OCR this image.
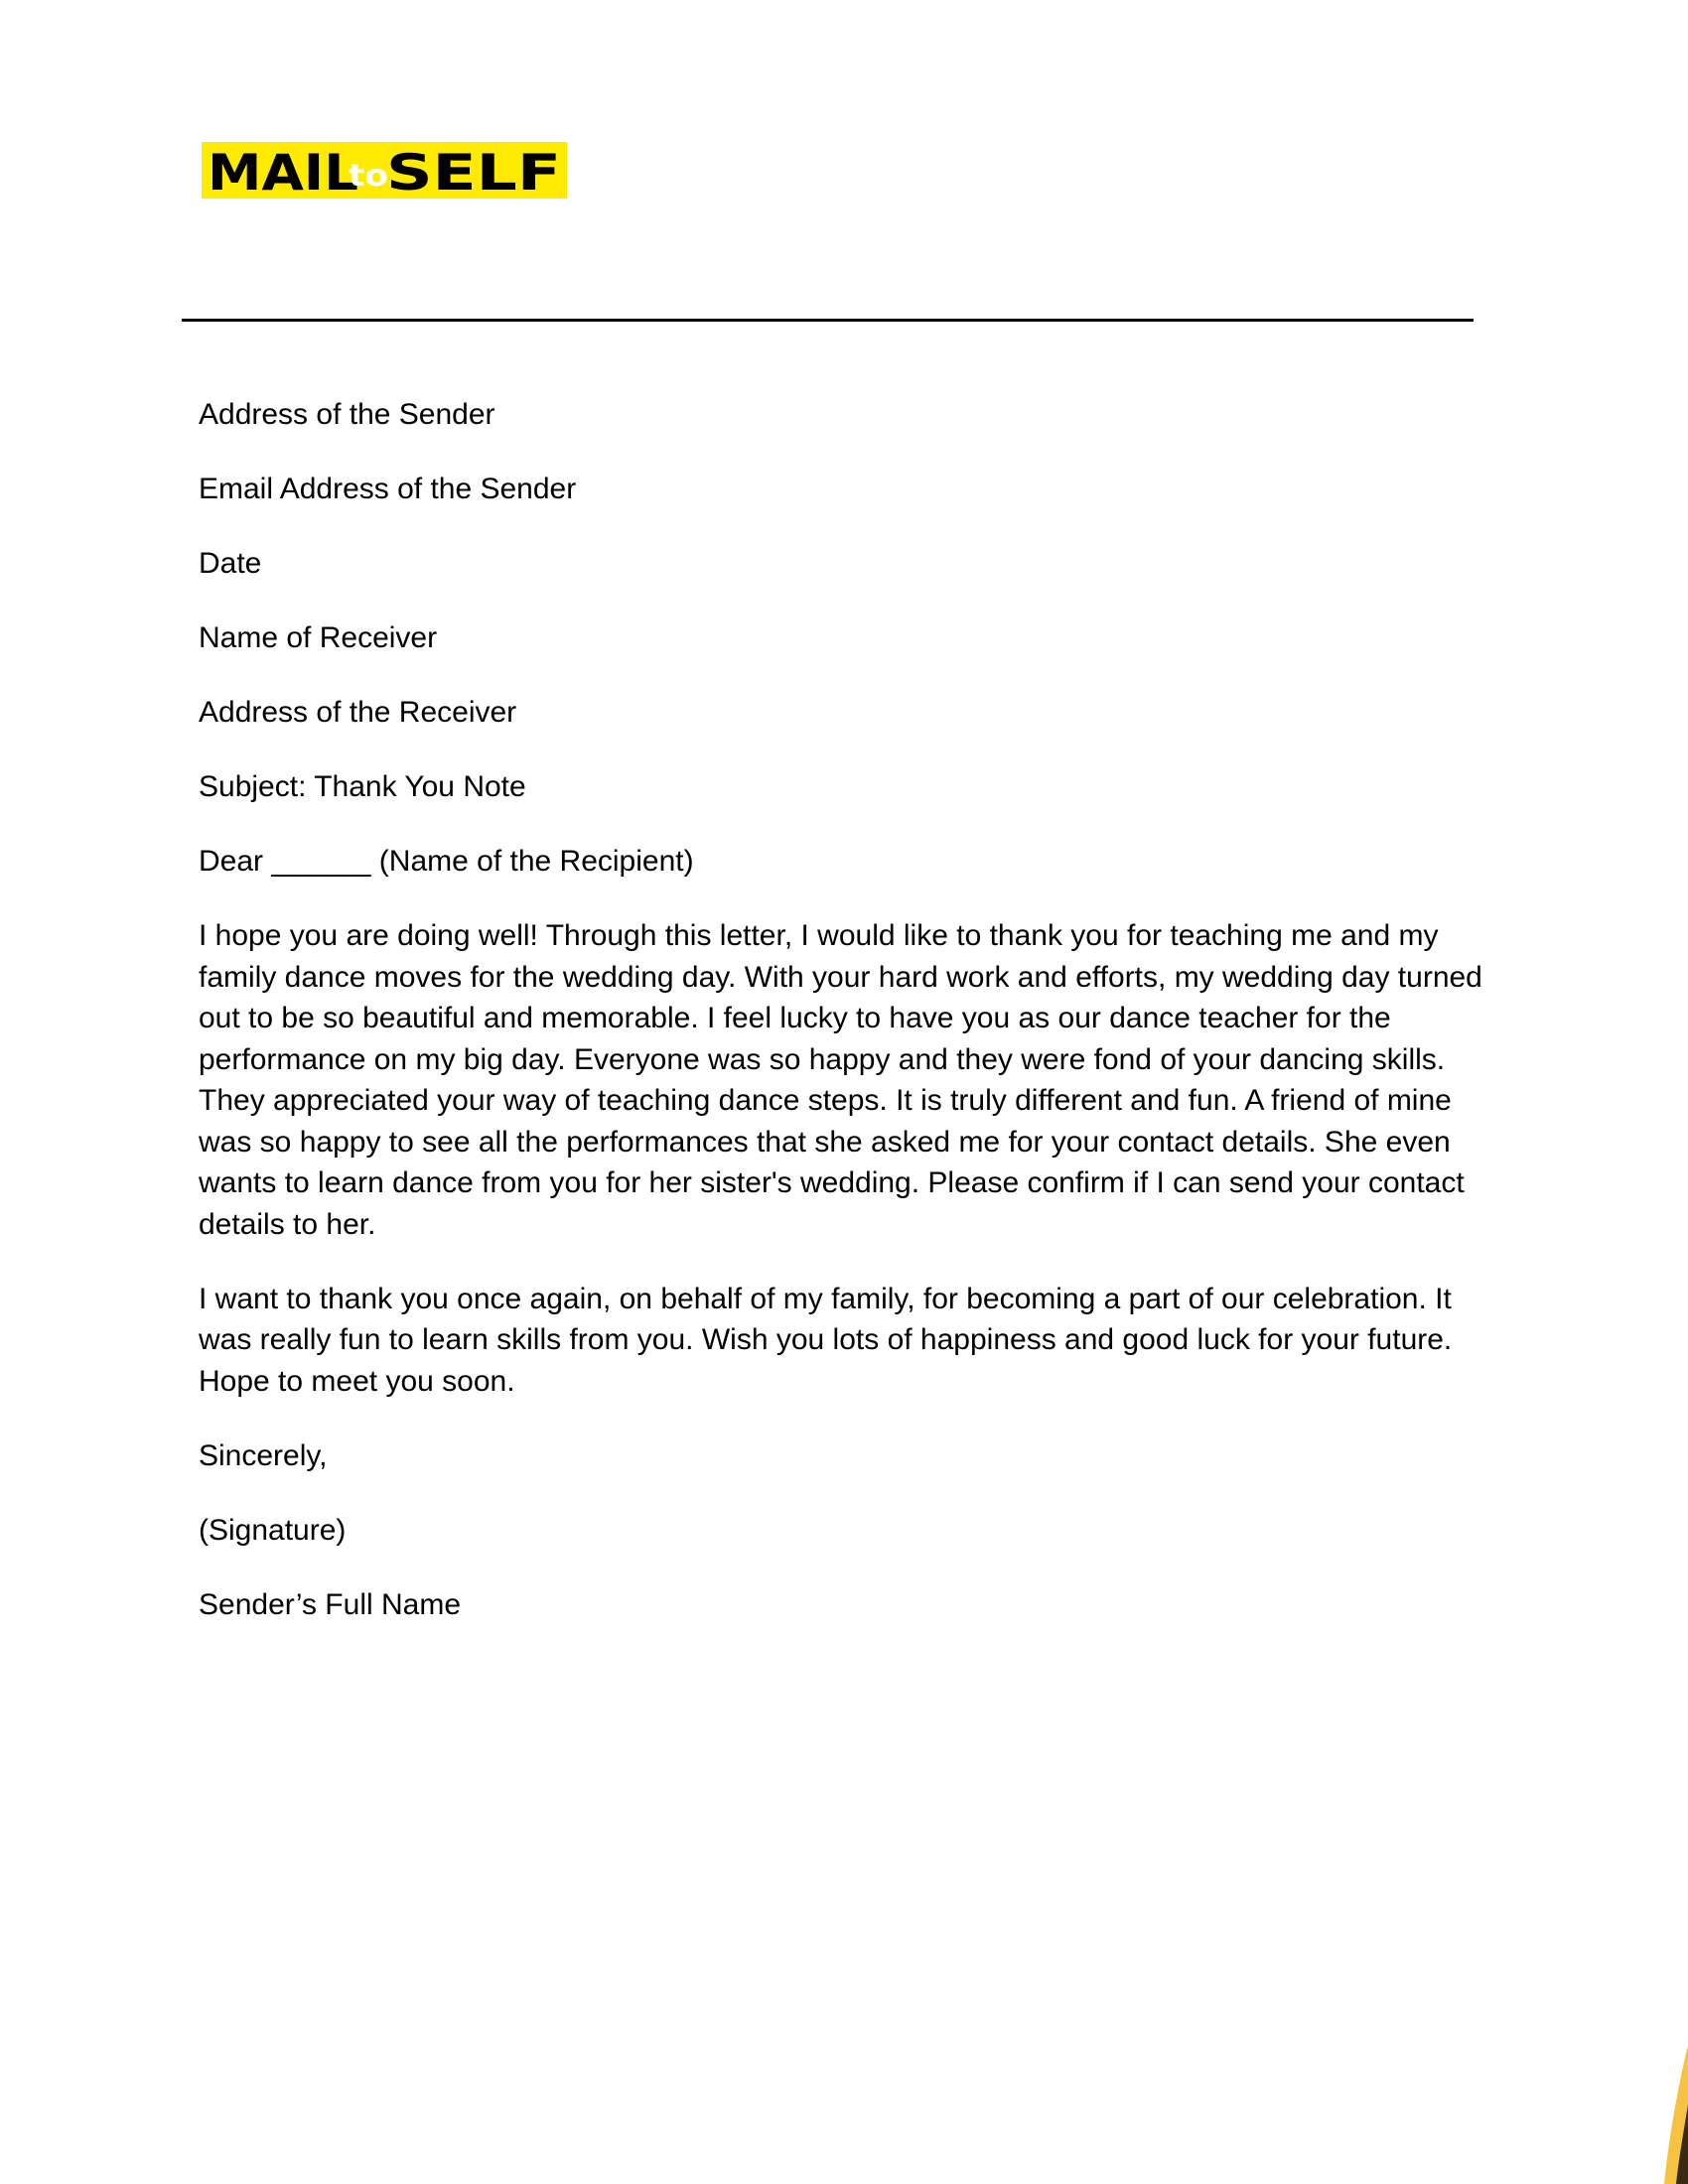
MAIL
to
SELF

Address of the Sender

Email Address of the Sender

Date

Name of Receiver

Address of the Receiver

Subject: Thank You Note

Dear ______ (Name of the Recipient)

I hope you are doing well! Through this letter, I would like to thank you for teaching me and my family dance moves for the wedding day. With your hard work and efforts, my wedding day turned out to be so beautiful and memorable. I feel lucky to have you as our dance teacher for the performance on my big day. Everyone was so happy and they were fond of your dancing skills. They appreciated your way of teaching dance steps. It is truly different and fun. A friend of mine was so happy to see all the performances that she asked me for your contact details. She even wants to learn dance from you for her sister's wedding. Please confirm if I can send your contact details to her.

I want to thank you once again, on behalf of my family, for becoming a part of our celebration. It was really fun to learn skills from you. Wish you lots of happiness and good luck for your future. Hope to meet you soon.

Sincerely,

(Signature)

Sender’s Full Name
